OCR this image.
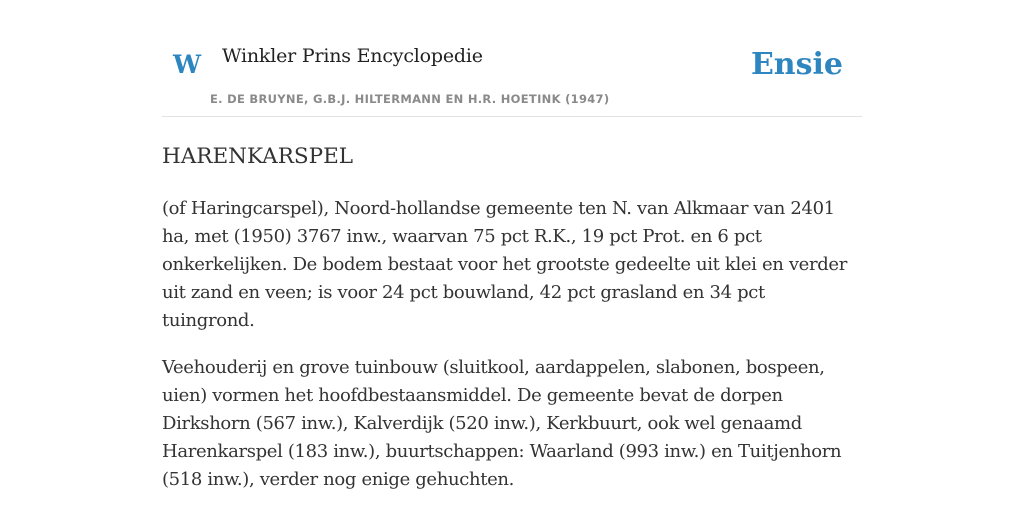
W Winkler Prins Encyclopedie
E. DE BRUYNE, G.B.J. HILTERMANN EN H.R. HOETINK (1947)
Ensie
HARENKARSPEL

(of Haringcarspel), Noord-hollandse gemeente ten N. van Alkmaar van 2401 ha, met (1950) 3767 inw., waarvan 75 pct R.K., 19 pct Prot. en 6 pct onkerkelijken. De bodem bestaat voor het grootste gedeelte uit klei en verder uit zand en veen; is voor 24 pct bouwland, 42 pct grasland en 34 pct tuingrond.

Veehouderij en grove tuinbouw (sluitkool, aardappelen, slabonen, bospeen, uien) vormen het hoofdbestaansmiddel. De gemeente bevat de dorpen Dirkshorn (567 inw.), Kalverdijk (520 inw.), Kerkbuurt, ook wel genaamd Harenkarspel (183 inw.), buurtschappen: Waarland (993 inw.) en Tuitjenhorn (518 inw.), verder nog enige gehuchten.
